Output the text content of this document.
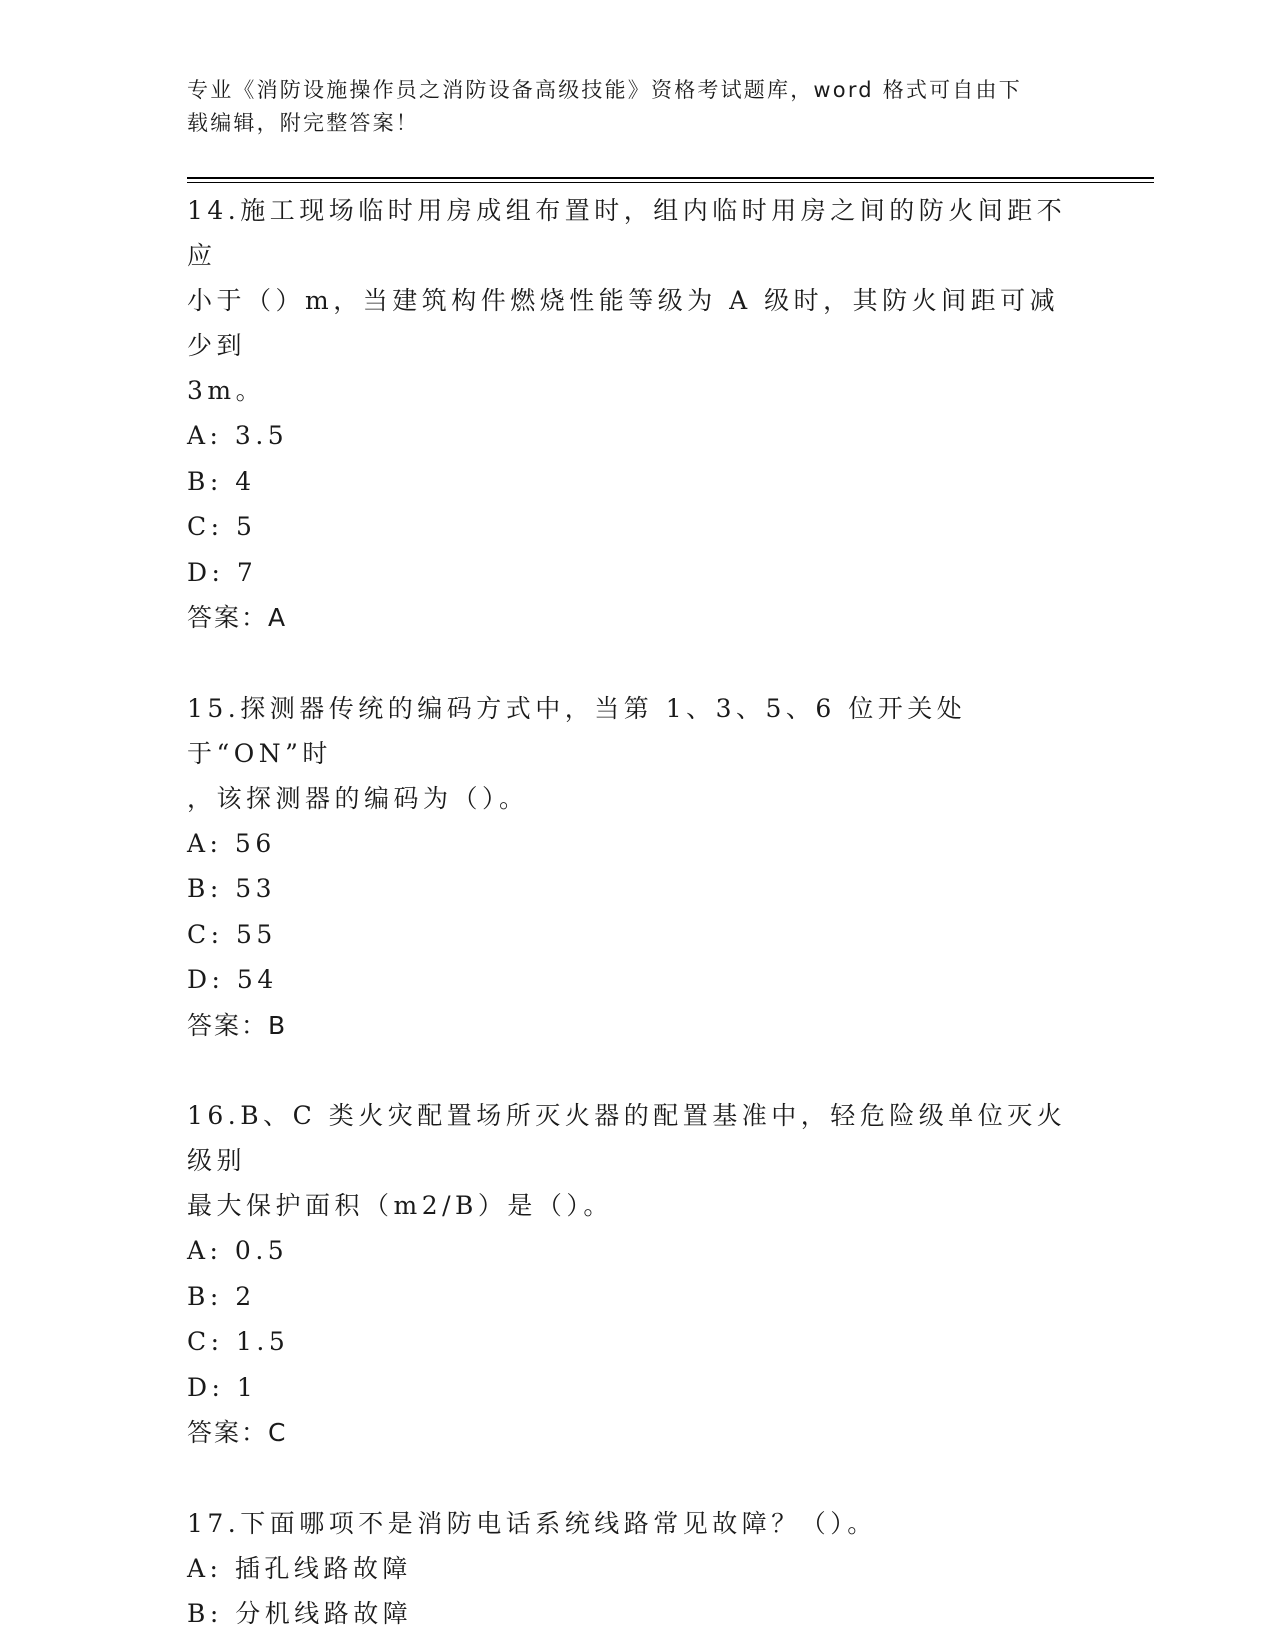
专业《消防设施操作员之消防设备高级技能》资格考试题库，word 格式可自由下
载编辑，附完整答案！

14.施工现场临时用房成组布置时，组内临时用房之间的防火间距不应

小于（）m，当建筑构件燃烧性能等级为 A 级时，其防火间距可减少到

3m。

A: 3.5

B: 4

C: 5

D: 7

答案：A

15.探测器传统的编码方式中，当第 1、3、5、6 位开关处于“ON”时

，该探测器的编码为（）。

A: 56

B: 53

C: 55

D: 54

答案：B

16.B、C 类火灾配置场所灭火器的配置基准中，轻危险级单位灭火级别

最大保护面积（m2/B）是（）。

A: 0.5

B: 2

C: 1.5

D: 1

答案：C

17.下面哪项不是消防电话系统线路常见故障？（）。

A: 插孔线路故障

B: 分机线路故障
